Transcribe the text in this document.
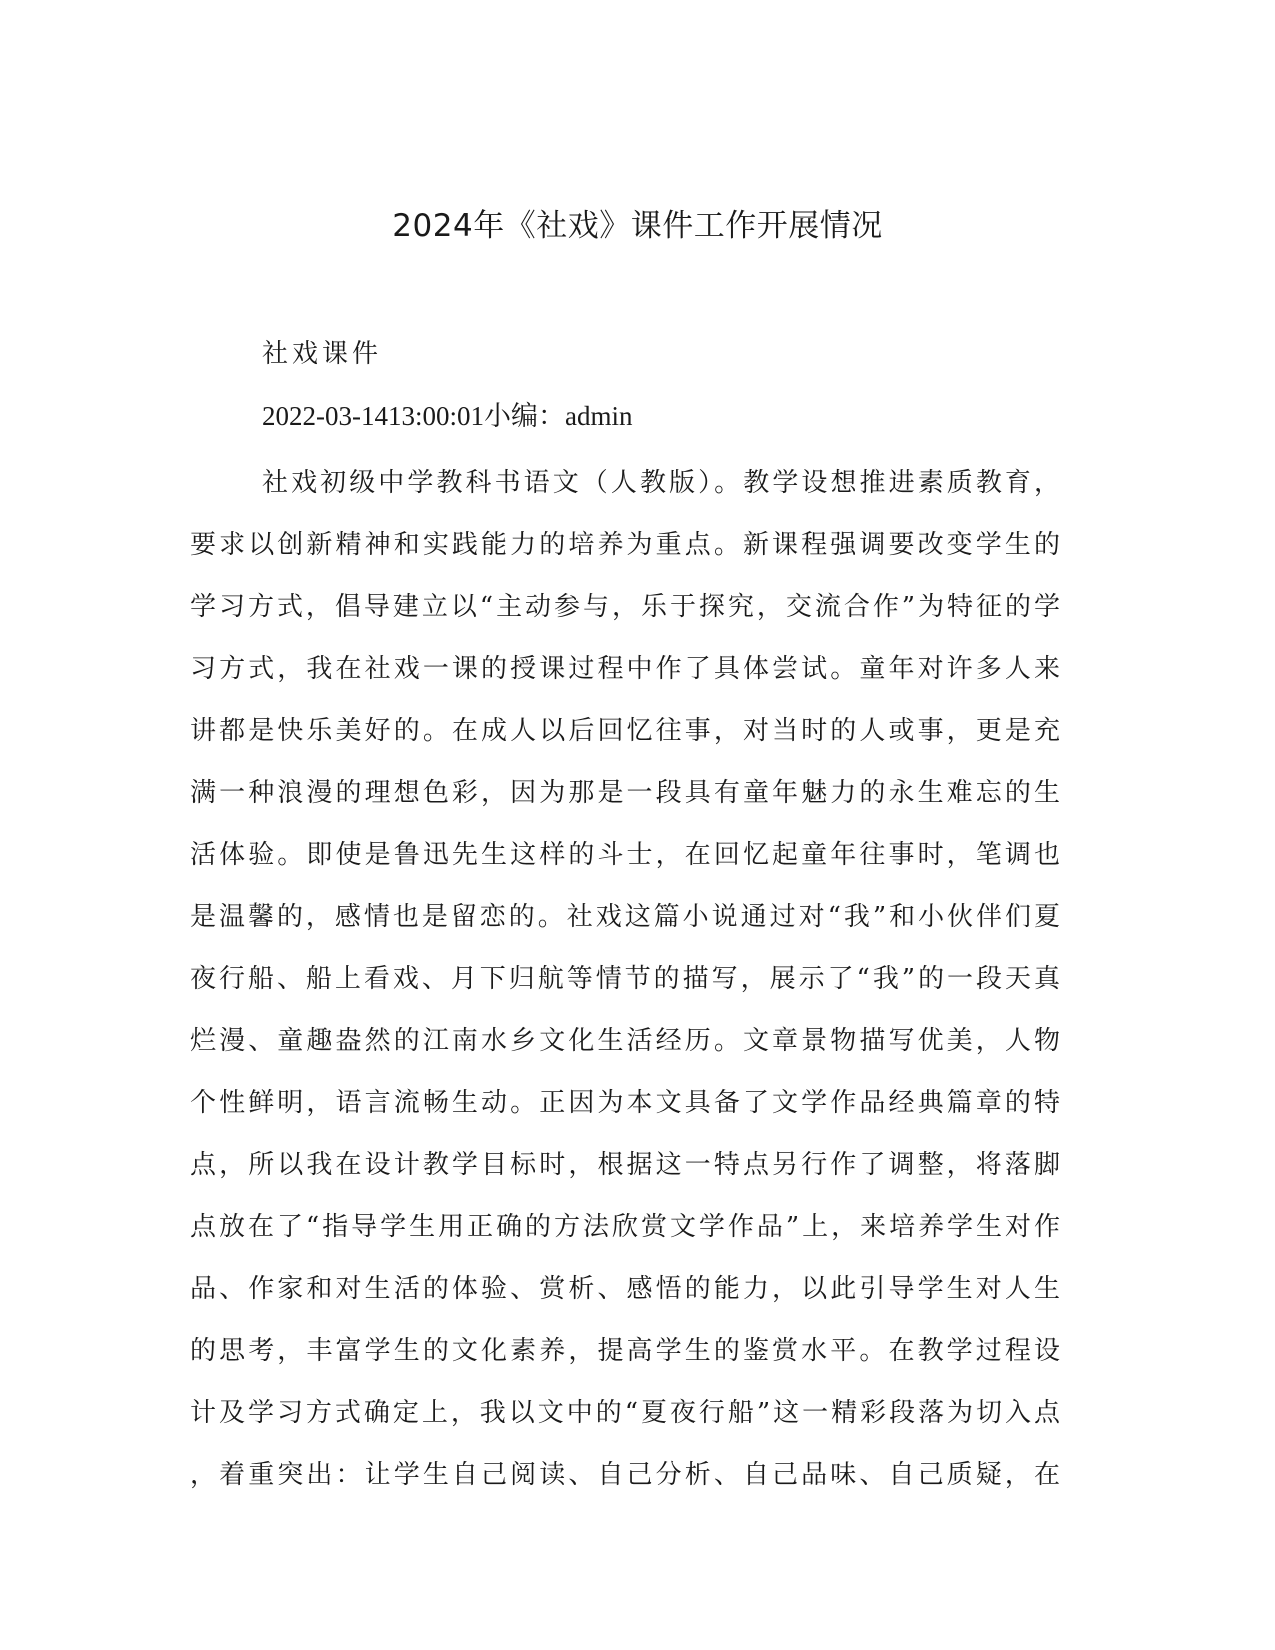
2024年《社戏》课件工作开展情况

社戏课件

2022-03-1413:00:01小编：admin

社戏初级中学教科书语文（人教版）。教学设想推进素质教育，
要求以创新精神和实践能力的培养为重点。新课程强调要改变学生的
学习方式，倡导建立以“主动参与，乐于探究，交流合作”为特征的学
习方式，我在社戏一课的授课过程中作了具体尝试。童年对许多人来
讲都是快乐美好的。在成人以后回忆往事，对当时的人或事，更是充
满一种浪漫的理想色彩，因为那是一段具有童年魅力的永生难忘的生
活体验。即使是鲁迅先生这样的斗士，在回忆起童年往事时，笔调也
是温馨的，感情也是留恋的。社戏这篇小说通过对“我”和小伙伴们夏
夜行船、船上看戏、月下归航等情节的描写，展示了“我”的一段天真
烂漫、童趣盎然的江南水乡文化生活经历。文章景物描写优美，人物
个性鲜明，语言流畅生动。正因为本文具备了文学作品经典篇章的特
点，所以我在设计教学目标时，根据这一特点另行作了调整，将落脚
点放在了“指导学生用正确的方法欣赏文学作品”上，来培养学生对作
品、作家和对生活的体验、赏析、感悟的能力，以此引导学生对人生
的思考，丰富学生的文化素养，提高学生的鉴赏水平。在教学过程设
计及学习方式确定上，我以文中的“夏夜行船”这一精彩段落为切入点
，着重突出：让学生自己阅读、自己分析、自己品味、自己质疑，在
